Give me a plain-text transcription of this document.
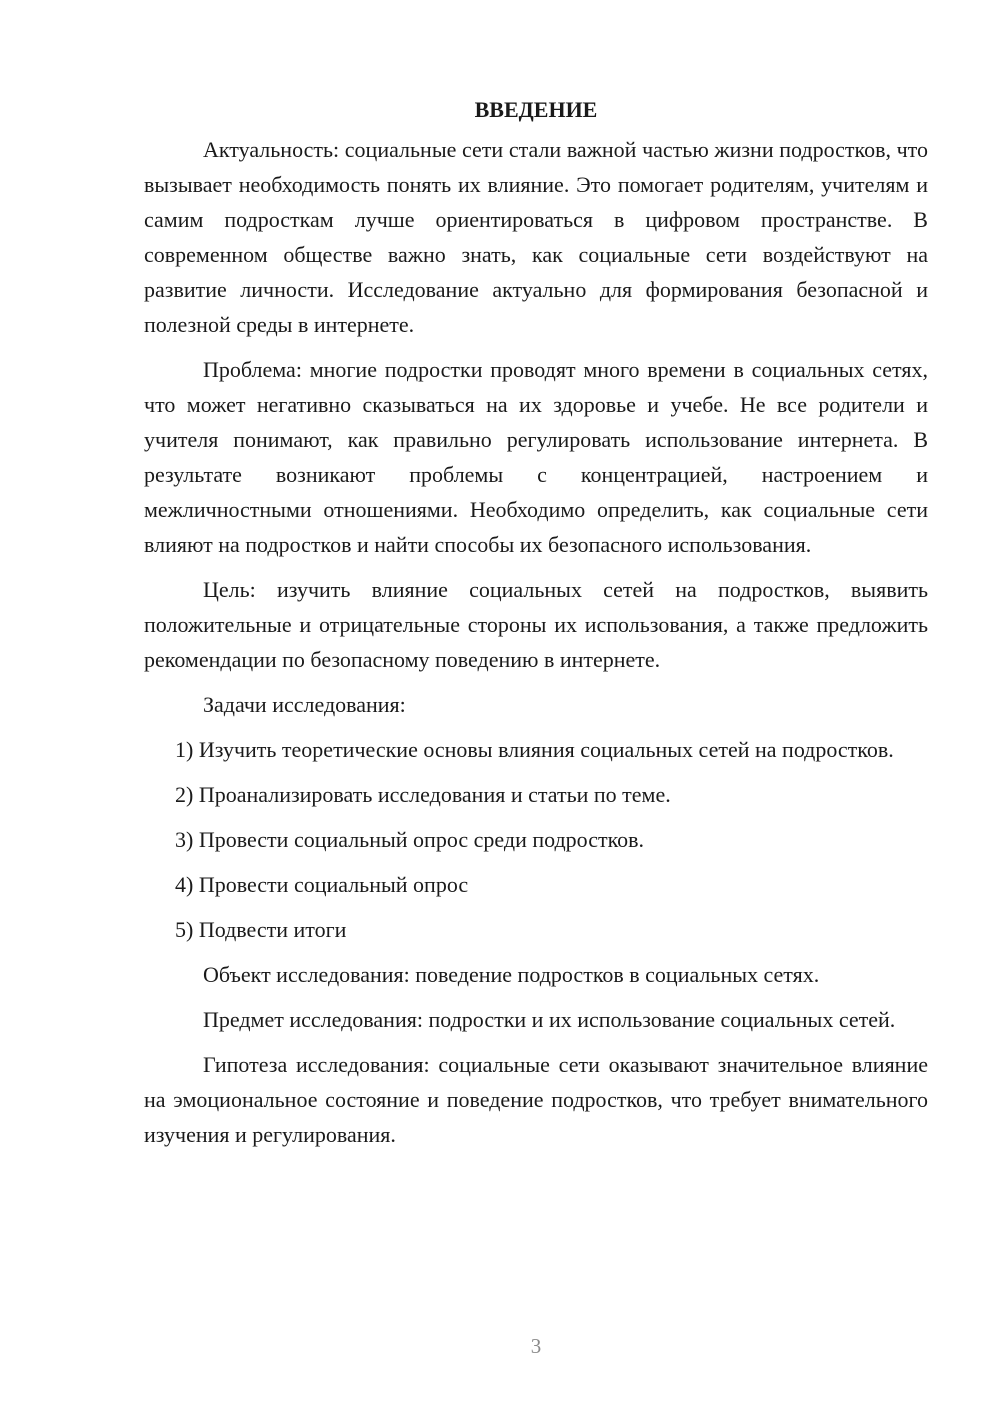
ВВЕДЕНИЕ

Актуальность: социальные сети стали важной частью жизни подростков, что вызывает необходимость понять их влияние. Это помогает родителям, учителям и самим подросткам лучше ориентироваться в цифровом пространстве. В современном обществе важно знать, как социальные сети воздействуют на развитие личности. Исследование актуально для формирования безопасной и полезной среды в интернете.

Проблема: многие подростки проводят много времени в социальных сетях, что может негативно сказываться на их здоровье и учебе. Не все родители и учителя понимают, как правильно регулировать использование интернета. В результате возникают проблемы с концентрацией, настроением и межличностными отношениями. Необходимо определить, как социальные сети влияют на подростков и найти способы их безопасного использования.

Цель: изучить влияние социальных сетей на подростков, выявить положительные и отрицательные стороны их использования, а также предложить рекомендации по безопасному поведению в интернете.

Задачи исследования:

1) Изучить теоретические основы влияния социальных сетей на подростков.

2) Проанализировать исследования и статьи по теме.

3) Провести социальный опрос среди подростков.

4) Провести социальный опрос

5) Подвести итоги

Объект исследования: поведение подростков в социальных сетях.

Предмет исследования: подростки и их использование социальных сетей.

Гипотеза исследования: социальные сети оказывают значительное влияние на эмоциональное состояние и поведение подростков, что требует внимательного изучения и регулирования.

3
